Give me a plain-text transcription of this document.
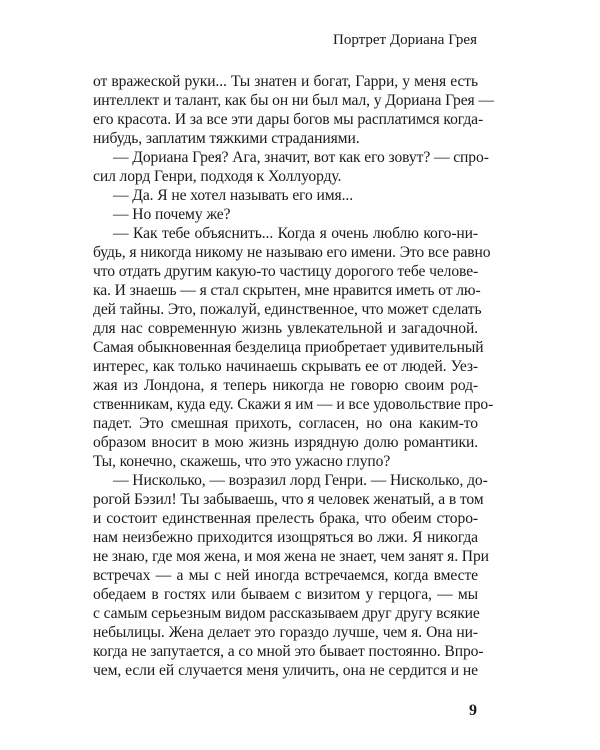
Портрет Дориана Грея
от вражеской руки... Ты знатен и богат, Гарри, у меня есть
интеллект и талант, как бы он ни был мал, у Дориана Грея —
его красота. И за все эти дары богов мы расплатимся когда-
нибудь, заплатим тяжкими страданиями.
— Дориана Грея? Ага, значит, вот как его зовут? — спро-
сил лорд Генри, подходя к Холлуорду.
— Да. Я не хотел называть его имя...
— Но почему же?
— Как тебе объяснить... Когда я очень люблю кого-ни-
будь, я никогда никому не называю его имени. Это все равно
что отдать другим какую-то частицу дорогого тебе челове-
ка. И знаешь — я стал скрытен, мне нравится иметь от лю-
дей тайны. Это, пожалуй, единственное, что может сделать
для нас современную жизнь увлекательной и загадочной.
Самая обыкновенная безделица приобретает удивительный
интерес, как только начинаешь скрывать ее от людей. Уез-
жая из Лондона, я теперь никогда не говорю своим род-
ственникам, куда еду. Скажи я им — и все удовольствие про-
падет. Это смешная прихоть, согласен, но она каким-то
образом вносит в мою жизнь изрядную долю романтики.
Ты, конечно, скажешь, что это ужасно глупо?
— Нисколько, — возразил лорд Генри. — Нисколько, до-
рогой Бэзил! Ты забываешь, что я человек женатый, а в том
и состоит единственная прелесть брака, что обеим сторо-
нам неизбежно приходится изощряться во лжи. Я никогда
не знаю, где моя жена, и моя жена не знает, чем занят я. При
встречах — а мы с ней иногда встречаемся, когда вместе
обедаем в гостях или бываем с визитом у герцога, — мы
с самым серьезным видом рассказываем друг другу всякие
небылицы. Жена делает это гораздо лучше, чем я. Она ни-
когда не запутается, а со мной это бывает постоянно. Впро-
чем, если ей случается меня уличить, она не сердится и не
9
